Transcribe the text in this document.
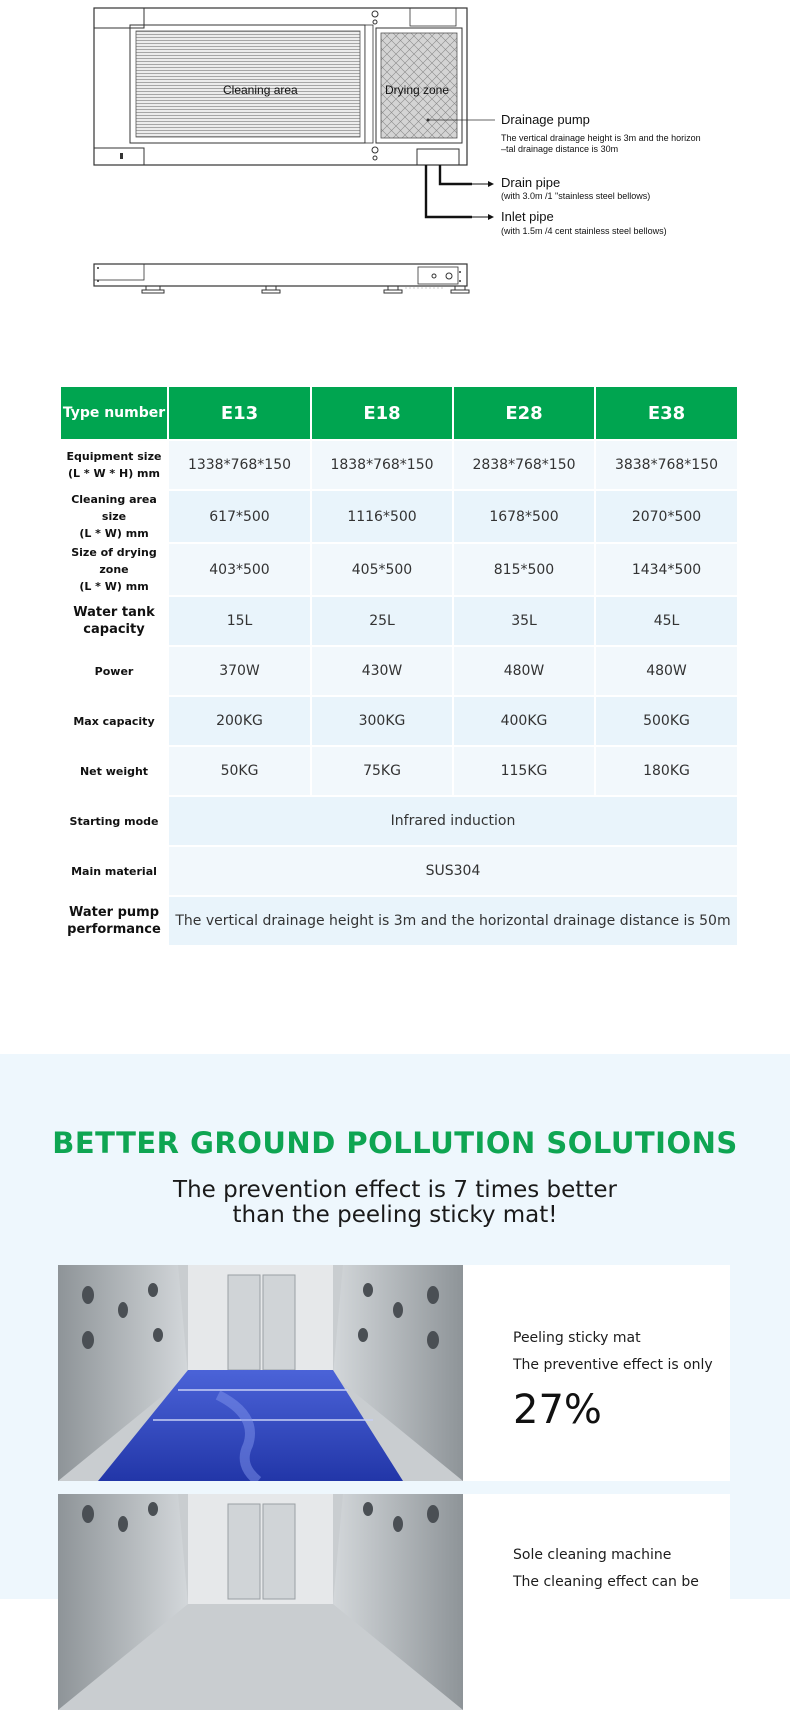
Cleaning area	Drying zone
Drainage pump
The vertical drainage height is 3m and the horizon
–tal drainage distance is 30m
Drain pipe
(with 3.0m /1 "stainless steel bellows)
Inlet pipe
(with 1.5m /4 cent stainless steel bellows)
Type number	E13	E18	E28	E38
Equipment size
(L * W * H) mm	1338*768*150	1838*768*150	2838*768*150	3838*768*150
Cleaning area size
(L * W) mm	617*500	1116*500	1678*500	2070*500
Size of drying zone
(L * W) mm	403*500	405*500	815*500	1434*500
Water tank
capacity	15L	25L	35L	45L
Power	370W	430W	480W	480W
Max capacity	200KG	300KG	400KG	500KG
Net weight	50KG	75KG	115KG	180KG
Starting mode	Infrared induction			
Main material	SUS304			
Water pump
performance	The vertical drainage height is 3m and the horizontal drainage distance is 50m			
BETTER GROUND POLLUTION SOLUTIONS
The prevention effect is 7 times better
than the peeling sticky mat!
Peeling sticky mat
The preventive effect is only
27%
Sole cleaning machine
The cleaning effect can be
